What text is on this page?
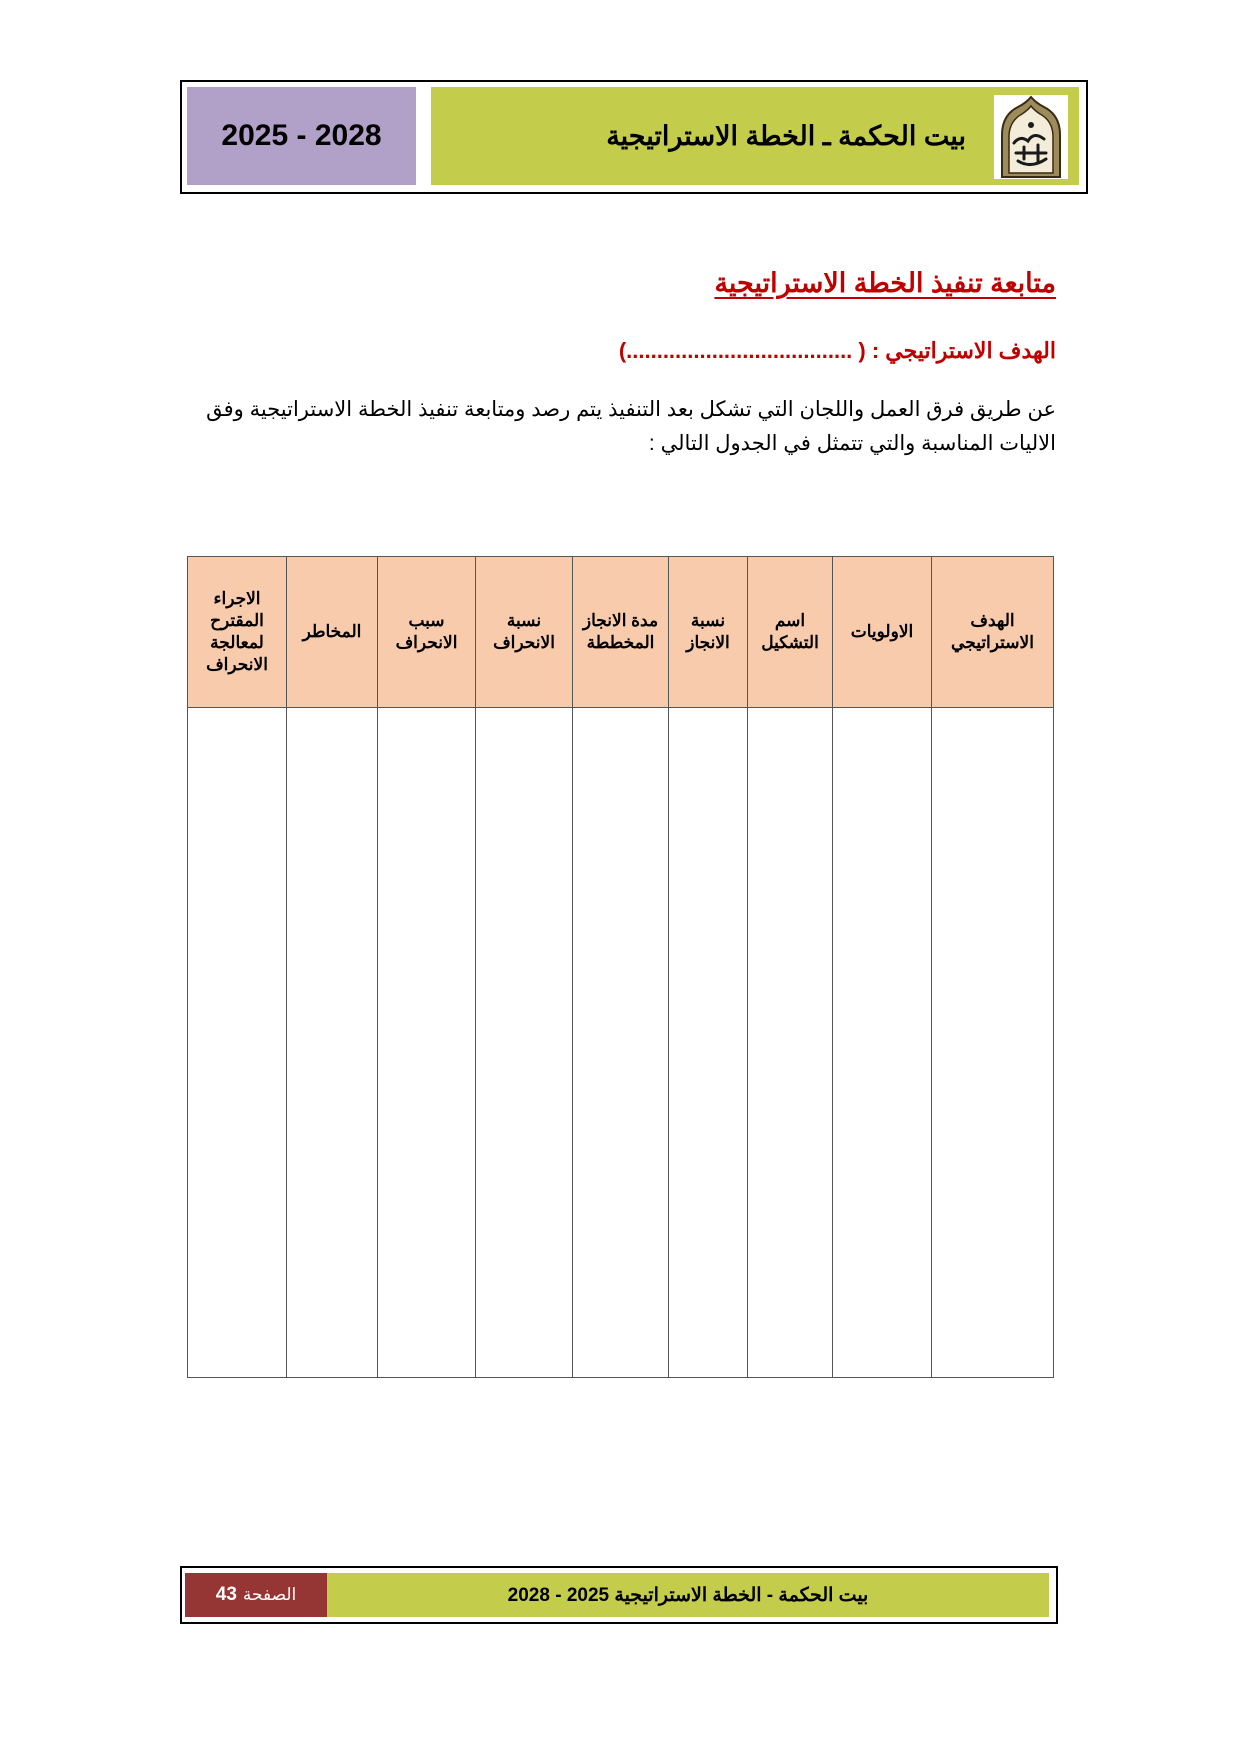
2025 - 2028	بيت الحكمة ـ الخطة الاستراتيجية
متابعة تنفيذ الخطة الاستراتيجية
الهدف الاستراتيجي : ( .....................................)
عن طريق فرق العمل واللجان التي تشكل بعد التنفيذ يتم رصد ومتابعة تنفيذ الخطة الاستراتيجية وفق الاليات المناسبة والتي تتمثل في الجدول التالي :
الهدف الاستراتيجي	الاولويات	اسم التشكيل	نسبة الانجاز	مدة الانجاز المخططة	نسبة الانحراف	سبب الانحراف	المخاطر	الاجراء المقترح لمعالجة الانحراف

الصفحة
43	بيت الحكمة - الخطة الاستراتيجية 2025 - 2028
